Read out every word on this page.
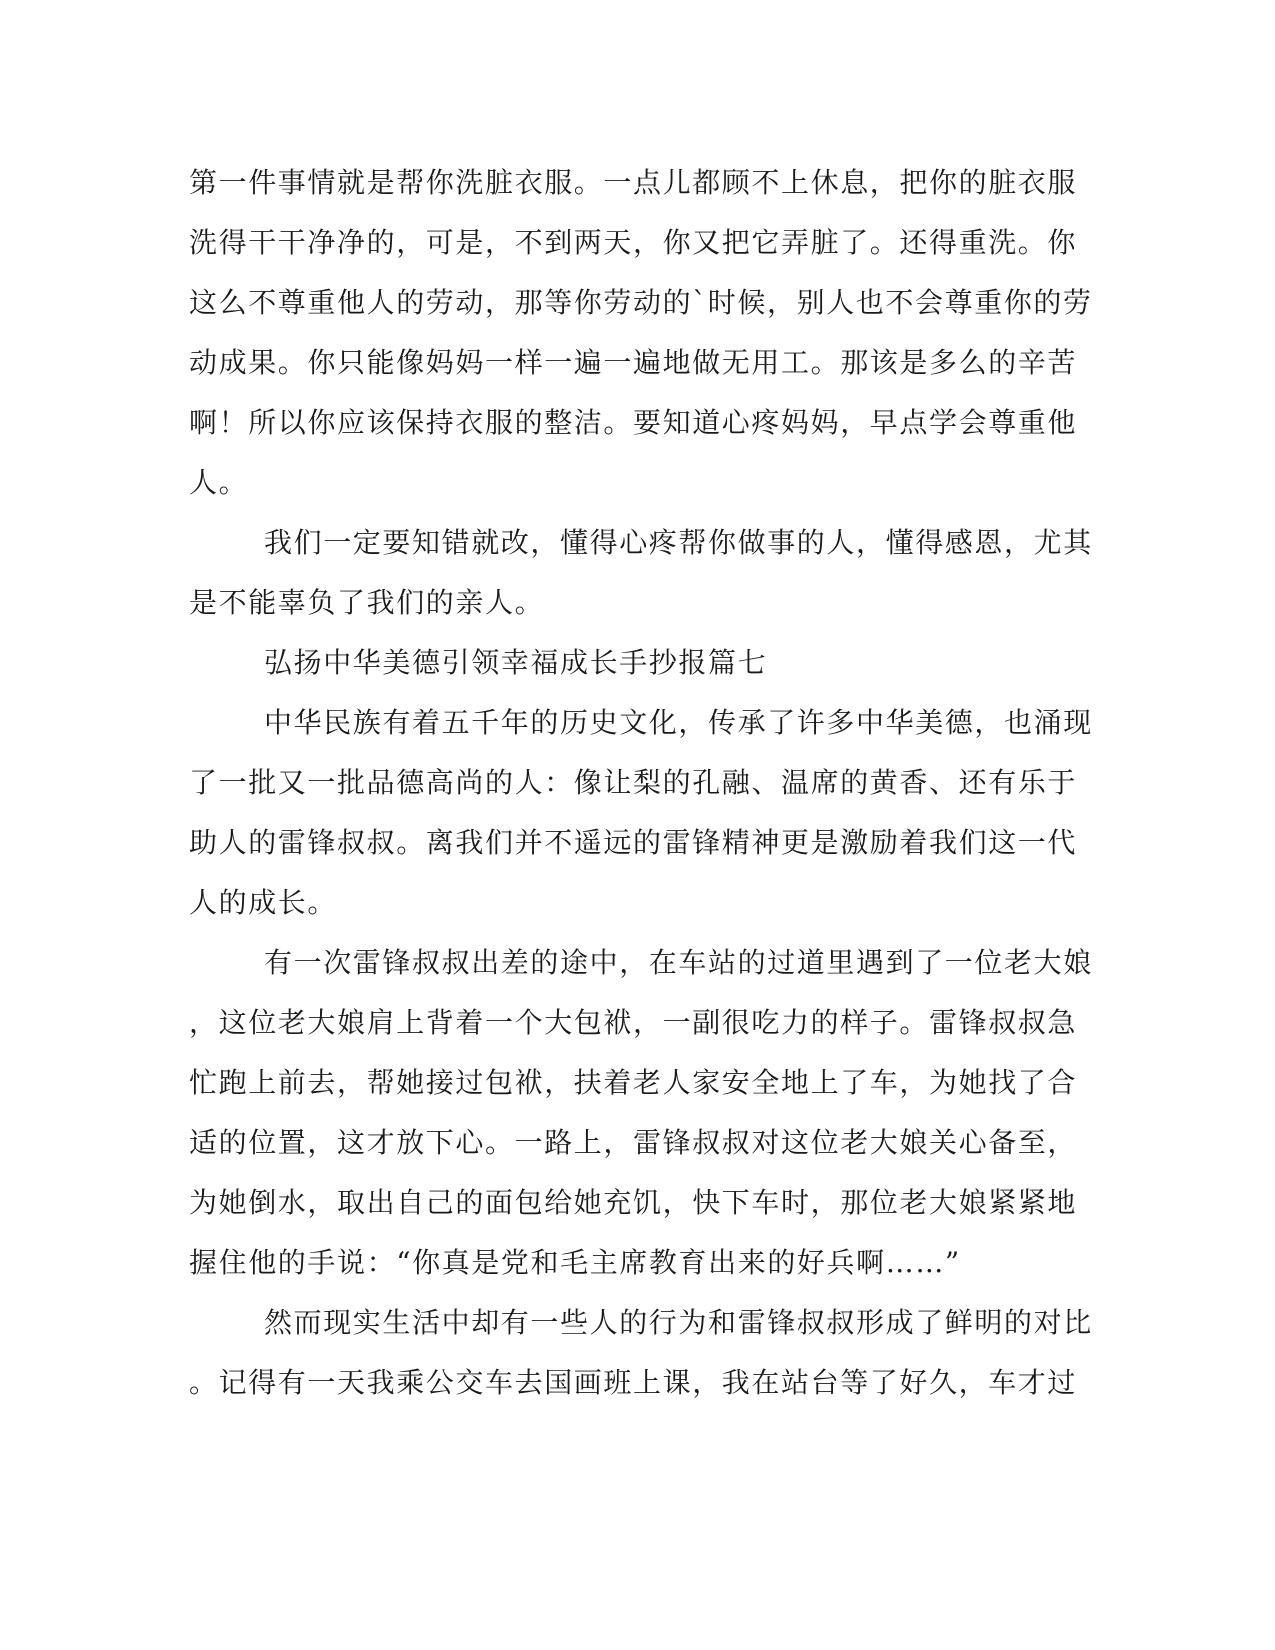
第一件事情就是帮你洗脏衣服。一点儿都顾不上休息，把你的脏衣服
洗得干干净净的，可是，不到两天，你又把它弄脏了。还得重洗。你
这么不尊重他人的劳动，那等你劳动的`时候，别人也不会尊重你的劳
动成果。你只能像妈妈一样一遍一遍地做无用工。那该是多么的辛苦
啊！所以你应该保持衣服的整洁。要知道心疼妈妈，早点学会尊重他
人。
我们一定要知错就改，懂得心疼帮你做事的人，懂得感恩，尤其
是不能辜负了我们的亲人。
弘扬中华美德引领幸福成长手抄报篇七
中华民族有着五千年的历史文化，传承了许多中华美德，也涌现
了一批又一批品德高尚的人：像让梨的孔融、温席的黄香、还有乐于
助人的雷锋叔叔。离我们并不遥远的雷锋精神更是激励着我们这一代
人的成长。
有一次雷锋叔叔出差的途中，在车站的过道里遇到了一位老大娘
，这位老大娘肩上背着一个大包袱，一副很吃力的样子。雷锋叔叔急
忙跑上前去，帮她接过包袱，扶着老人家安全地上了车，为她找了合
适的位置，这才放下心。一路上，雷锋叔叔对这位老大娘关心备至，
为她倒水，取出自己的面包给她充饥，快下车时，那位老大娘紧紧地
握住他的手说：“你真是党和毛主席教育出来的好兵啊……”
然而现实生活中却有一些人的行为和雷锋叔叔形成了鲜明的对比
。记得有一天我乘公交车去国画班上课，我在站台等了好久，车才过
